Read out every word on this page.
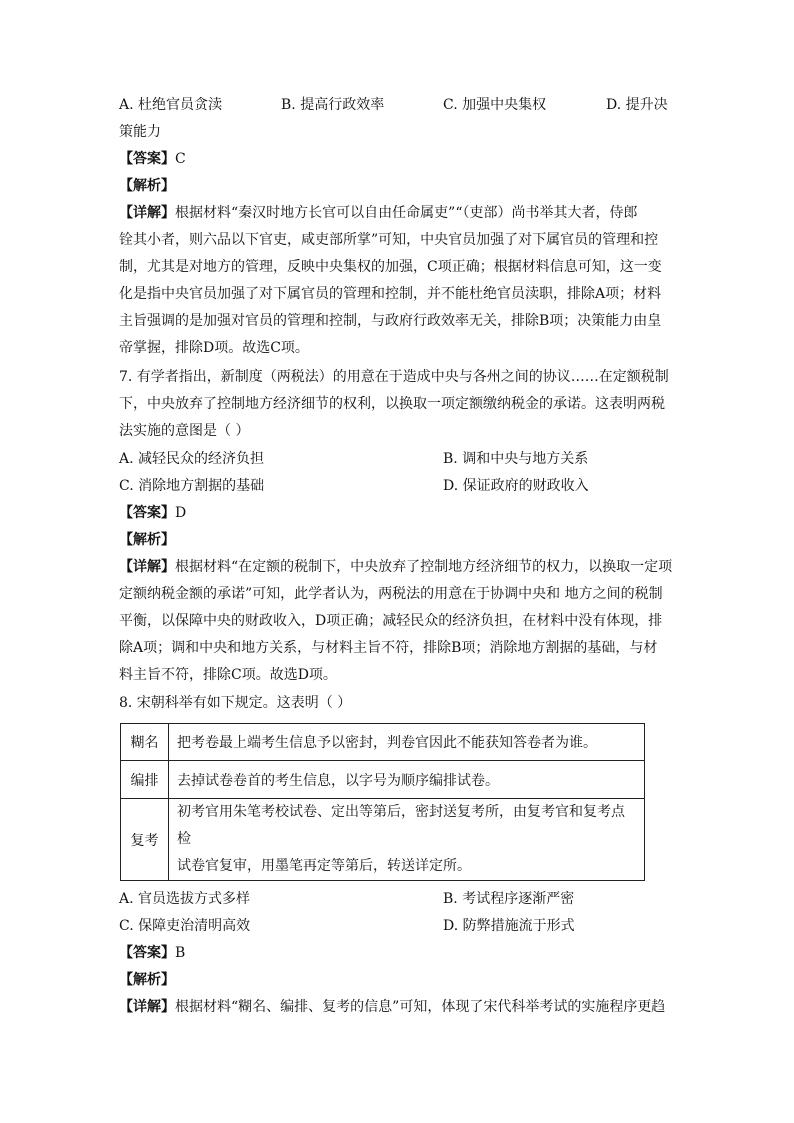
A. 杜绝官员贪渎	B. 提高行政效率	C. 加强中央集权	D. 提升决
策能力
【答案】C
【解析】
【详解】根据材料“秦汉时地方长官可以自由任命属吏”“（吏部）尚书举其大者，侍郎
铨其小者，则六品以下官吏，咸吏部所掌”可知，中央官员加强了对下属官员的管理和控
制，尤其是对地方的管理，反映中央集权的加强，C项正确；根据材料信息可知，这一变
化是指中央官员加强了对下属官员的管理和控制，并不能杜绝官员渎职，排除A项；材料
主旨强调的是加强对官员的管理和控制，与政府行政效率无关，排除B项；决策能力由皇
帝掌握，排除D项。故选C项。
7. 有学者指出，新制度（两税法）的用意在于造成中央与各州之间的协议……在定额税制
下，中央放弃了控制地方经济细节的权利，以换取一项定额缴纳税金的承诺。这表明两税
法实施的意图是（ ）
A. 减轻民众的经济负担	B. 调和中央与地方关系
C. 消除地方割据的基础	D. 保证政府的财政收入
【答案】D
【解析】
【详解】根据材料“在定额的税制下，中央放弃了控制地方经济细节的权力，以换取一定项
定额纳税金额的承诺”可知，此学者认为，两税法的用意在于协调中央和 地方之间的税制
平衡，以保障中央的财政收入，D项正确；减轻民众的经济负担，在材料中没有体现，排
除A项；调和中央和地方关系，与材料主旨不符，排除B项；消除地方割据的基础，与材
料主旨不符，排除C项。故选D项。
8. 宋朝科举有如下规定。这表明（ ）
糊名	把考卷最上端考生信息予以密封，判卷官因此不能获知答卷者为谁。
编排	去掉试卷卷首的考生信息，以字号为顺序编排试卷。
复考	初考官用朱笔考校试卷、定出等第后，密封送复考所，由复考官和复考点检
试卷官复审，用墨笔再定等第后，转送详定所。
A. 官员选拔方式多样	B. 考试程序逐渐严密
C. 保障吏治清明高效	D. 防弊措施流于形式
【答案】B
【解析】
【详解】根据材料“糊名、编排、复考的信息”可知，体现了宋代科举考试的实施程序更趋
